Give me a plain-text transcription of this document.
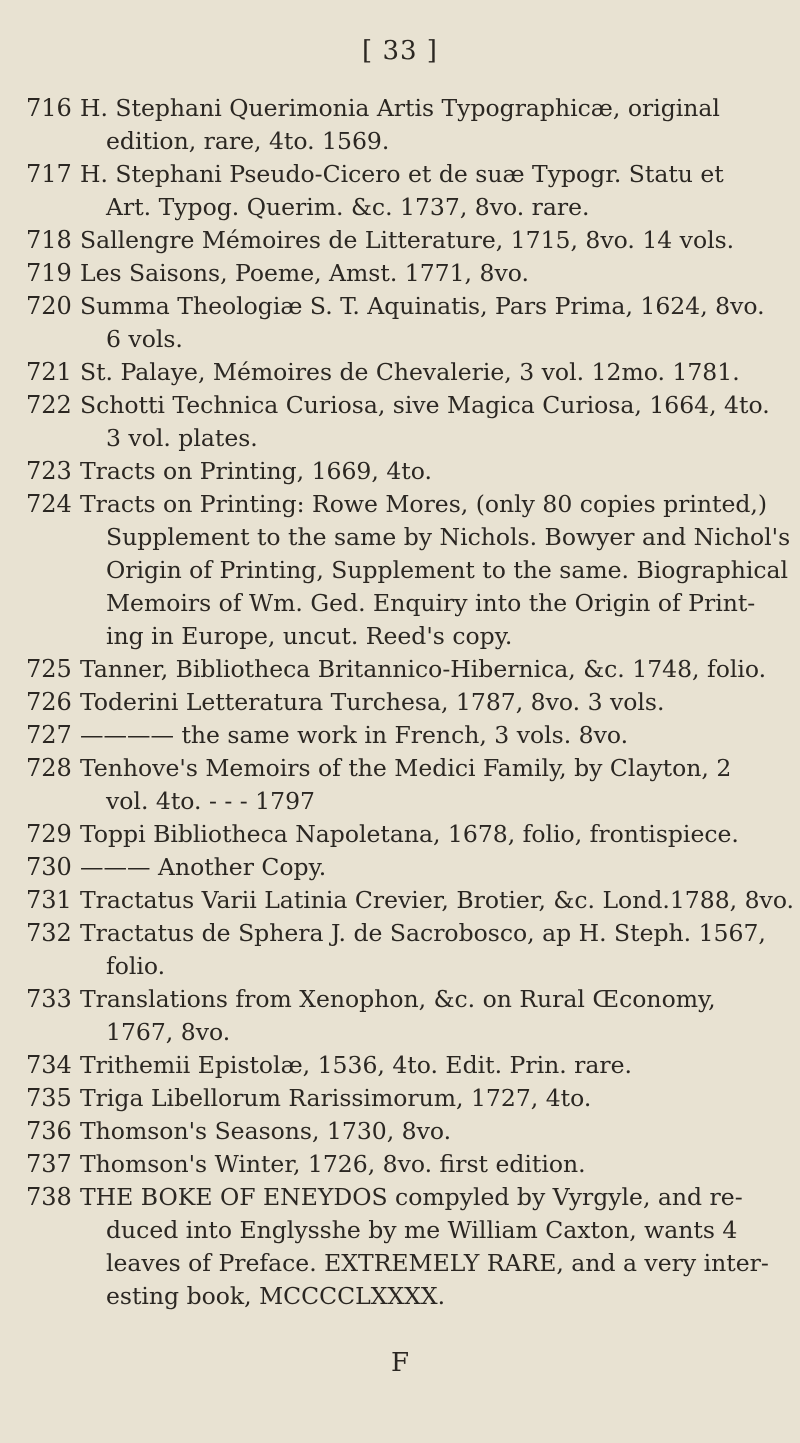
[ 33 ]
716 H. Stephani Querimonia Artis Typographicæ, original
edition, rare, 4to. 1569.
717 H. Stephani Pseudo-Cicero et de suæ Typogr. Statu et
Art. Typog. Querim. &c. 1737, 8vo. rare.
718 Sallengre Mémoires de Litterature, 1715, 8vo. 14 vols.
719 Les Saisons, Poeme, Amst. 1771, 8vo.
720 Summa Theologiæ S. T. Aquinatis, Pars Prima, 1624, 8vo.
6 vols.
721 St. Palaye, Mémoires de Chevalerie, 3 vol. 12mo. 1781.
722 Schotti Technica Curiosa, sive Magica Curiosa, 1664, 4to.
3 vol. plates.
723 Tracts on Printing, 1669, 4to.
724 Tracts on Printing: Rowe Mores, (only 80 copies printed,)
Supplement to the same by Nichols. Bowyer and Nichol's
Origin of Printing, Supplement to the same. Biographical
Memoirs of Wm. Ged. Enquiry into the Origin of Print-
ing in Europe, uncut. Reed's copy.
725 Tanner, Bibliotheca Britannico-Hibernica, &c. 1748, folio.
726 Toderini Letteratura Turchesa, 1787, 8vo. 3 vols.
727 ———— the same work in French, 3 vols. 8vo.
728 Tenhove's Memoirs of the Medici Family, by Clayton, 2
vol. 4to. - - - 1797
729 Toppi Bibliotheca Napoletana, 1678, folio, frontispiece.
730 ——— Another Copy.
731 Tractatus Varii Latinia Crevier, Brotier, &c. Lond.1788, 8vo.
732 Tractatus de Sphera J. de Sacrobosco, ap H. Steph. 1567,
folio.
733 Translations from Xenophon, &c. on Rural Œconomy,
1767, 8vo.
734 Trithemii Epistolæ, 1536, 4to. Edit. Prin. rare.
735 Triga Libellorum Rarissimorum, 1727, 4to.
736 Thomson's Seasons, 1730, 8vo.
737 Thomson's Winter, 1726, 8vo. first edition.
738 THE BOKE OF ENEYDOS compyled by Vyrgyle, and re-
duced into Englysshe by me William Caxton, wants 4
leaves of Preface. EXTREMELY RARE, and a very inter-
esting book, MCCCCLXXXX.
F
